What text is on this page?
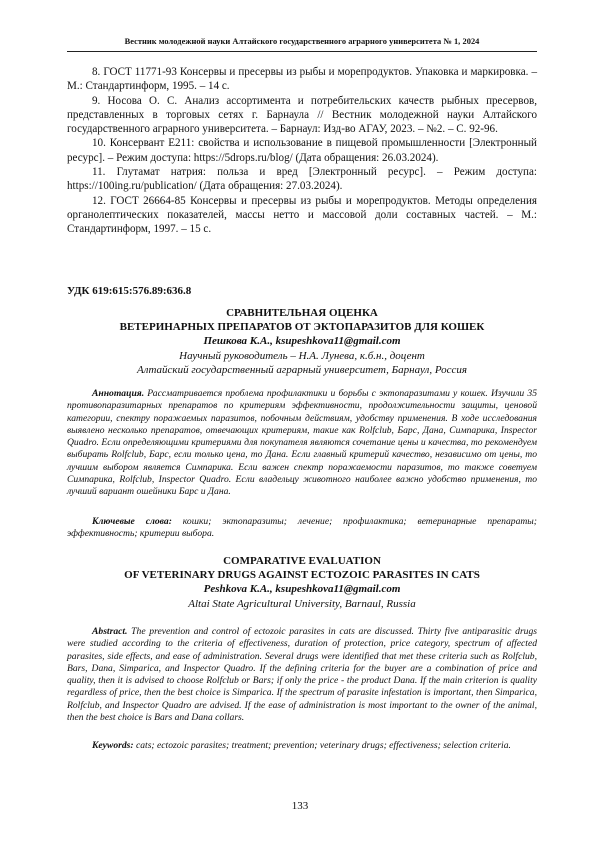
Вестник молодежной науки Алтайского государственного аграрного университета № 1, 2024

8. ГОСТ 11771-93 Консервы и пресервы из рыбы и морепродуктов. Упаковка и маркировка. – М.: Стандартинформ, 1995. – 14 с.

9. Носова О. С. Анализ ассортимента и потребительских качеств рыбных пресервов, представленных в торговых сетях г. Барнаула // Вестник молодежной науки Алтайского государственного аграрного университета. – Барнаул: Изд-во АГАУ, 2023. – №2. – С. 92-96.

10. Консервант Е211: свойства и использование в пищевой промышленности [Электронный ресурс]. – Режим доступа: https://5drops.ru/blog/ (Дата обращения: 26.03.2024).

11. Глутамат натрия: польза и вред [Электронный ресурс]. – Режим доступа: https://100ing.ru/publication/ (Дата обращения: 27.03.2024).

12. ГОСТ 26664-85 Консервы и пресервы из рыбы и морепродуктов. Методы определения органолептических показателей, массы нетто и массовой доли составных частей. – М.: Стандартинформ, 1997. – 15 с.

УДК 619:615:576.89:636.8

СРАВНИТЕЛЬНАЯ ОЦЕНКА

ВЕТЕРИНАРНЫХ ПРЕПАРАТОВ ОТ ЭКТОПАРАЗИТОВ ДЛЯ КОШЕК

Пешкова К.А., ksupeshkova11@gmail.com

Научный руководитель – Н.А. Лунева, к.б.н., доцент

Алтайский государственный аграрный университет, Барнаул, Россия

Аннотация. Рассматривается проблема профилактики и борьбы с эктопаразитами у кошек. Изучили 35 противопаразитарных препаратов по критериям эффективности, продолжительности защиты, ценовой категории, спектру поражаемых паразитов, побочным действиям, удобству применения. В ходе исследования выявлено несколько препаратов, отвечающих критериям, такие как Rolfclub, Барс, Дана, Симпарика, Inspector Quadro. Если определяющими критериями для покупателя являются сочетание цены и качества, то рекомендуем выбирать Rolfclub, Барс, если только цена, то Дана. Если главный критерий качество, независимо от цены, то лучшим выбором является Симпарика. Если важен спектр поражаемости паразитов, то также советуем Симпарика, Rolfclub, Inspector Quadro. Если владельцу животного наиболее важно удобство применения, то лучший вариант ошейники Барс и Дана.

Ключевые слова: кошки; эктопаразиты; лечение; профилактика; ветеринарные препараты; эффективность; критерии выбора.

COMPARATIVE EVALUATION

OF VETERINARY DRUGS AGAINST ECTOZOIC PARASITES IN CATS

Peshkova K.A., ksupeshkova11@gmail.com

Altai State Agricultural University, Barnaul, Russia

Abstract. The prevention and control of ectozoic parasites in cats are discussed. Thirty five antiparasitic drugs were studied according to the criteria of effectiveness, duration of protection, price category, spectrum of affected parasites, side effects, and ease of administration. Several drugs were identified that met these criteria such as Rolfclub, Bars, Dana, Simparica, and Inspector Quadro. If the defining criteria for the buyer are a combination of price and quality, then it is advised to choose Rolfclub or Bars; if only the price - the product Dana. If the main criterion is quality regardless of price, then the best choice is Simparica. If the spectrum of parasite infestation is important, then Simparica, Rolfclub, and Inspector Quadro are advised. If the ease of administration is most important to the owner of the animal, then the best choice is Bars and Dana collars.

Keywords: cats; ectozoic parasites; treatment; prevention; veterinary drugs; effectiveness; selection criteria.

133
